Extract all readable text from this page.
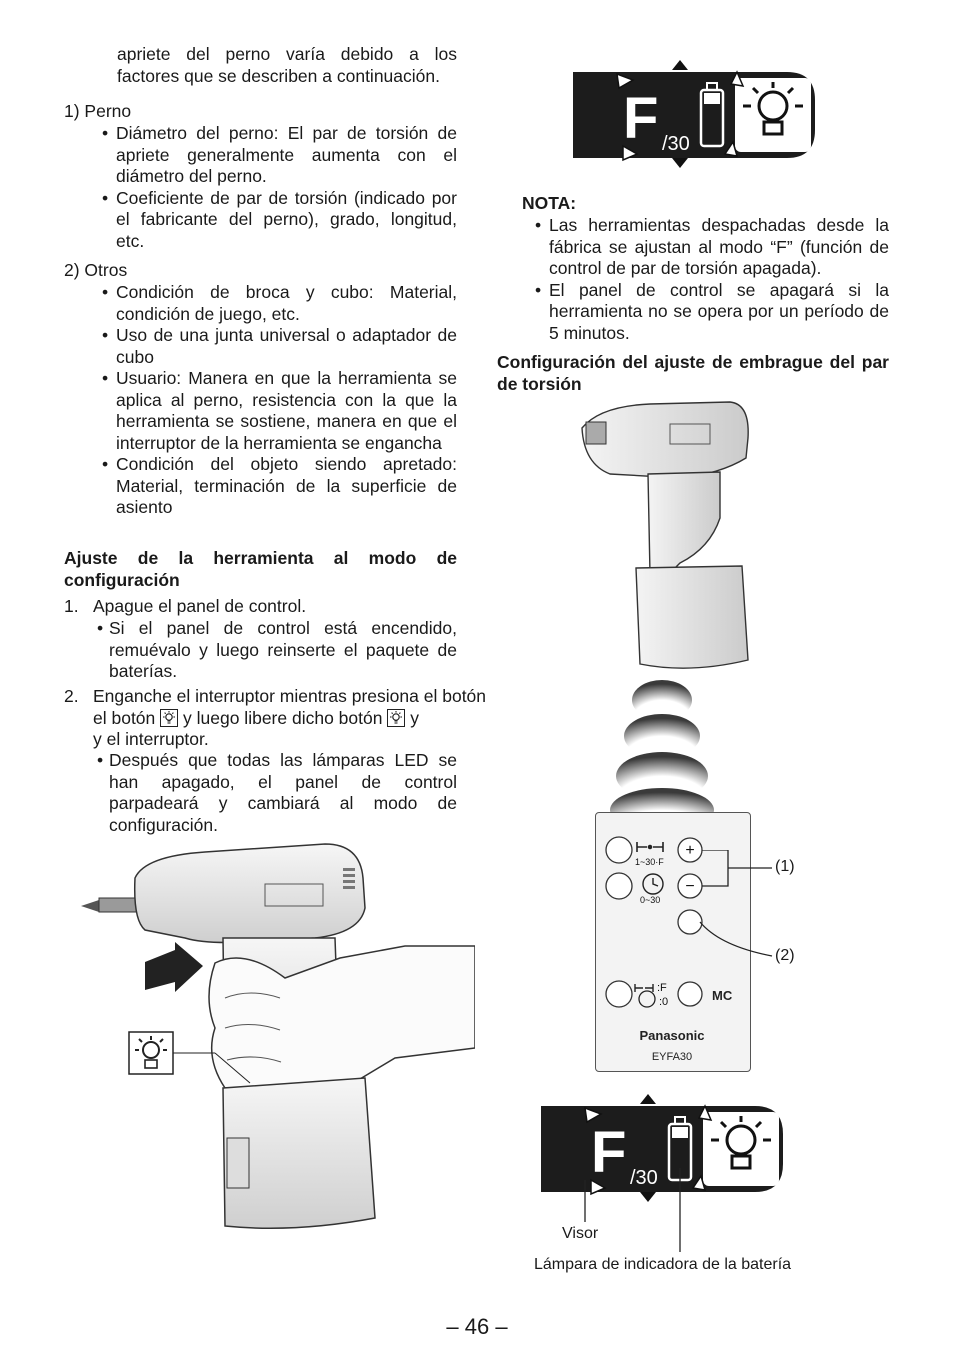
apriete del perno varía debido a los factores que se describen a continuación.
1) Perno
• Diámetro del perno: El par de torsión de apriete generalmente aumenta con el diámetro del perno.
• Coeficiente de par de torsión (indicado por el fabricante del perno), grado, longitud, etc.
2) Otros
• Condición de broca y cubo: Material, condición de juego, etc.
• Uso de una junta universal o adaptador de cubo
• Usuario: Manera en que la herramienta se aplica al perno, resistencia con la que la herramienta se sostiene, manera en que el interruptor de la herramienta se engancha
• Condición del objeto siendo apretado: Material, terminación de la superficie de asiento
Ajuste de la herramienta al modo de configuración
1. Apague el panel de control.
• Si el panel de control está encendido, remuévalo y luego reinserte el paquete de baterías.
2. Enganche el interruptor mientras presiona el botón
el botón  y luego libere dicho botón  y
y el interruptor.
• Después que todas las lámparas LED se han apagado, el panel de control parpadeará y cambiará al modo de configuración.
F /30
NOTA:
• Las herramientas despachadas desde la fábrica se ajustan al modo “F” (función de control de par de torsión apagada).
• El panel de control se apagará si la herramienta no se opera por un período de 5 minutos.
Configuración del ajuste de embrague del par de torsión
+
−
1~30·F
0~30
:F
:0	MC
Panasonic
EYFA30
(1)
(2)
F /30
Visor
Lámpara de indicadora de la batería
– 46 –
